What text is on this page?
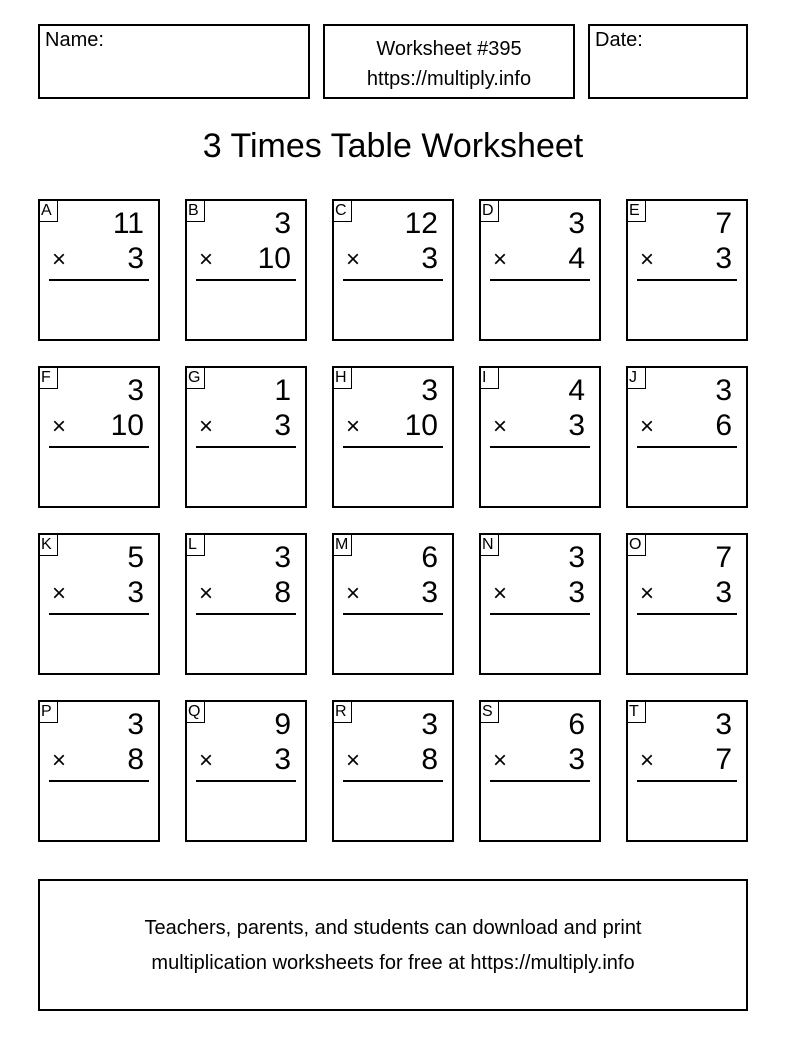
Name:	Worksheet #395
https://multiply.info
Date:
3 Times Table Worksheet
A 11
× 3
B	3
× 10
C 12
× 3
D 3
× 4
E	7
× 3
F	3
× 10
G 1
× 3
H 3
× 10
I	4
× 3
J	3
× 6
K	5
× 3
L	3
× 8
M 6
× 3
N 3
× 3
O 7
× 3
P	3
× 8
Q 9
× 3
R 3
× 8
S	6
× 3
T	3
× 7
Teachers, parents, and students can download and print
multiplication worksheets for free at https://multiply.info
